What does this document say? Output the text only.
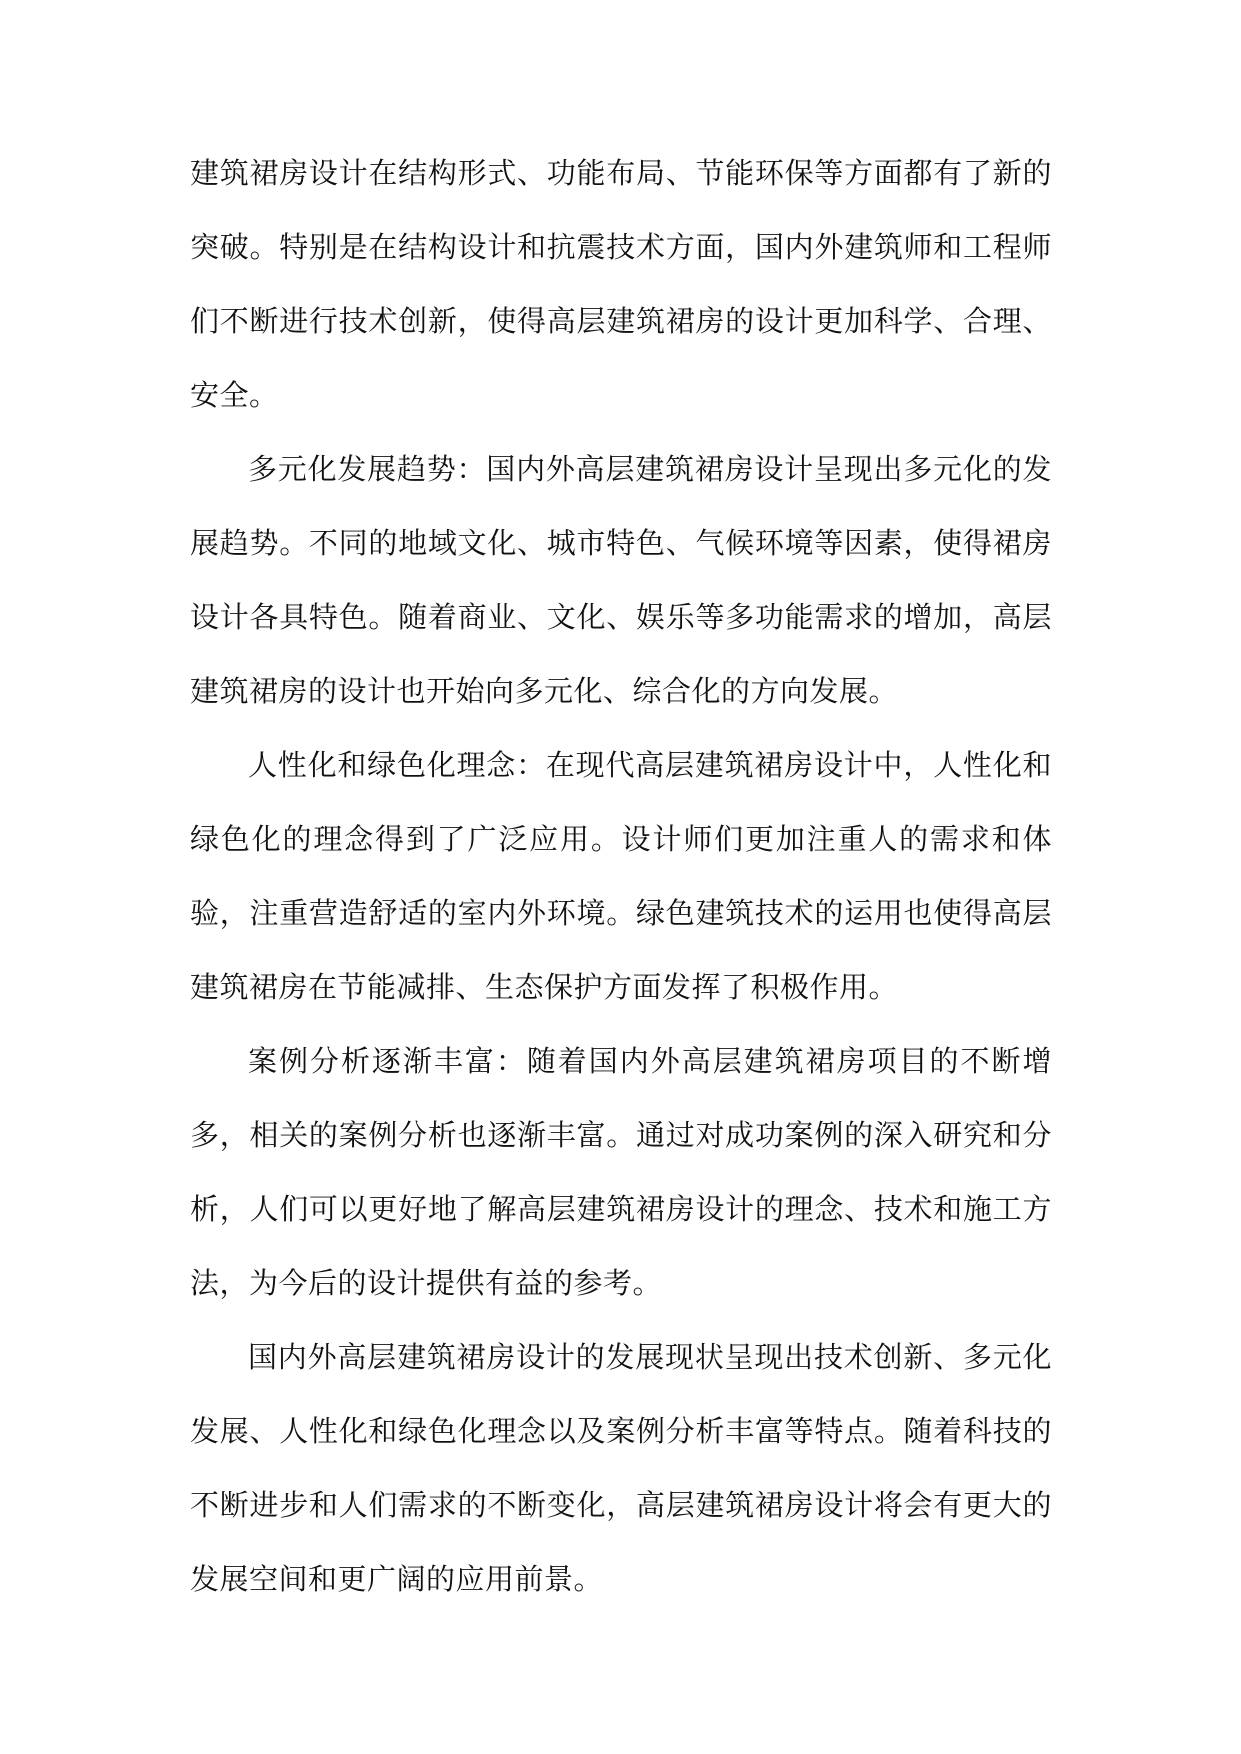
建筑裙房设计在结构形式、功能布局、节能环保等方面都有了新的突破。特别是在结构设计和抗震技术方面，国内外建筑师和工程师们不断进行技术创新，使得高层建筑裙房的设计更加科学、合理、安全。

多元化发展趋势：国内外高层建筑裙房设计呈现出多元化的发展趋势。不同的地域文化、城市特色、气候环境等因素，使得裙房设计各具特色。随着商业、文化、娱乐等多功能需求的增加，高层建筑裙房的设计也开始向多元化、综合化的方向发展。

人性化和绿色化理念：在现代高层建筑裙房设计中，人性化和绿色化的理念得到了广泛应用。设计师们更加注重人的需求和体验，注重营造舒适的室内外环境。绿色建筑技术的运用也使得高层建筑裙房在节能减排、生态保护方面发挥了积极作用。

案例分析逐渐丰富：随着国内外高层建筑裙房项目的不断增多，相关的案例分析也逐渐丰富。通过对成功案例的深入研究和分析，人们可以更好地了解高层建筑裙房设计的理念、技术和施工方法，为今后的设计提供有益的参考。

国内外高层建筑裙房设计的发展现状呈现出技术创新、多元化发展、人性化和绿色化理念以及案例分析丰富等特点。随着科技的不断进步和人们需求的不断变化，高层建筑裙房设计将会有更大的发展空间和更广阔的应用前景。
